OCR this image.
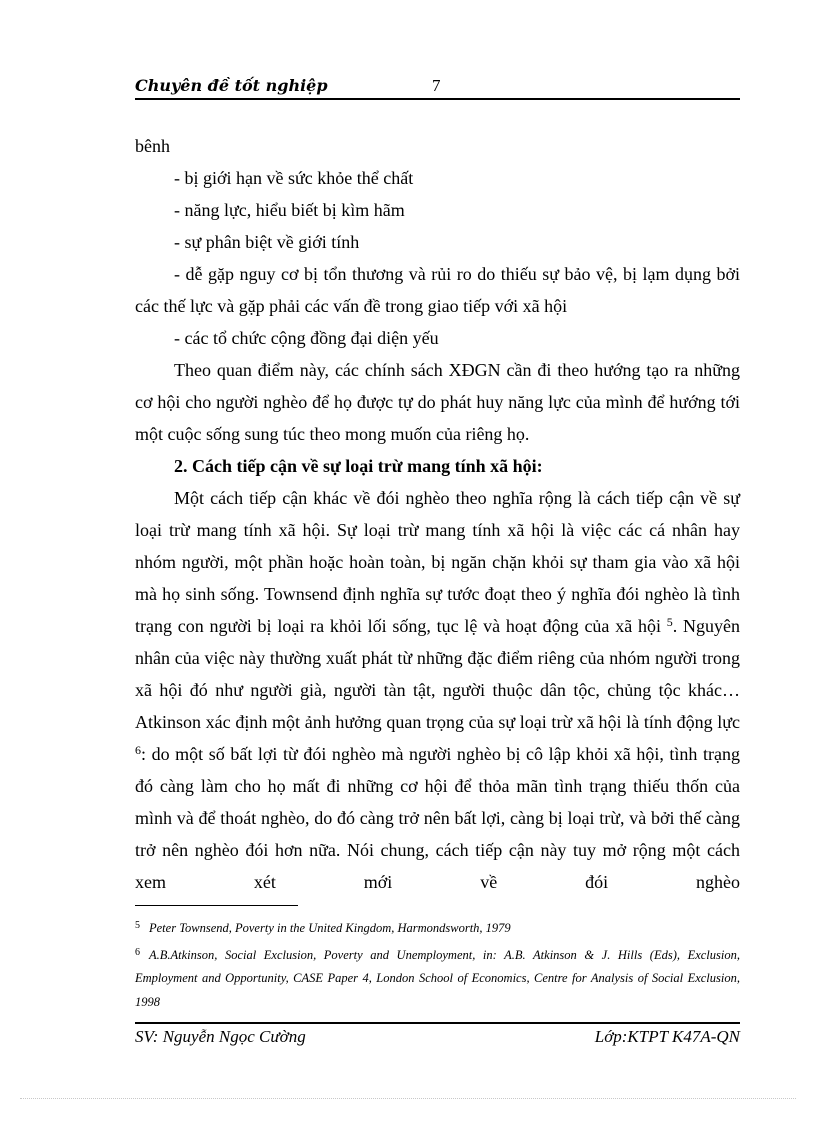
Chuyên đề tốt nghiệp	7

bênh

- bị giới hạn về sức khỏe thể chất

- năng lực, hiểu biết bị kìm hãm

- sự phân biệt về giới tính

- dễ gặp nguy cơ bị tổn thương và rủi ro do thiếu sự bảo vệ, bị lạm dụng bởi các thế lực và gặp phải các vấn đề trong giao tiếp với xã hội

- các tổ chức cộng đồng đại diện yếu

Theo quan điểm này, các chính sách XĐGN cần đi theo hướng tạo ra những cơ hội cho người nghèo để họ được tự do phát huy năng lực của mình để hướng tới một cuộc sống sung túc theo mong muốn của riêng họ.

2. Cách tiếp cận về sự loại trừ mang tính xã hội:

Một cách tiếp cận khác về đói nghèo theo nghĩa rộng là cách tiếp cận về sự loại trừ mang tính xã hội. Sự loại trừ mang tính xã hội là việc các cá nhân hay nhóm người, một phần hoặc hoàn toàn, bị ngăn chặn khỏi sự tham gia vào xã hội mà họ sinh sống. Townsend định nghĩa sự tước đoạt theo ý nghĩa đói nghèo là tình trạng con người bị loại ra khỏi lối sống, tục lệ và hoạt động của xã hội $^5$. Nguyên nhân của việc này thường xuất phát từ những đặc điểm riêng của nhóm người trong xã hội đó như người già, người tàn tật, người thuộc dân tộc, chủng tộc khác… Atkinson xác định một ảnh hưởng quan trọng của sự loại trừ xã hội là tính động lực $^6$: do một số bất lợi từ đói nghèo mà người nghèo bị cô lập khỏi xã hội, tình trạng đó càng làm cho họ mất đi những cơ hội để thỏa mãn tình trạng thiếu thốn của mình và để thoát nghèo, do đó càng trở nên bất lợi, càng bị loại trừ, và bởi thế càng trở nên nghèo đói hơn nữa. Nói chung, cách tiếp cận này tuy mở rộng một cách xem xét mới về đói nghèo

5 Peter Townsend, Poverty in the United Kingdom, Harmondsworth, 1979

6 A.B.Atkinson, Social Exclusion, Poverty and Unemployment, in: A.B. Atkinson & J. Hills (Eds), Exclusion, Employment and Opportunity, CASE Paper 4, London School of Economics, Centre for Analysis of Social Exclusion, 1998

SV: Nguyễn Ngọc Cường	Lớp:KTPT K47A-QN
